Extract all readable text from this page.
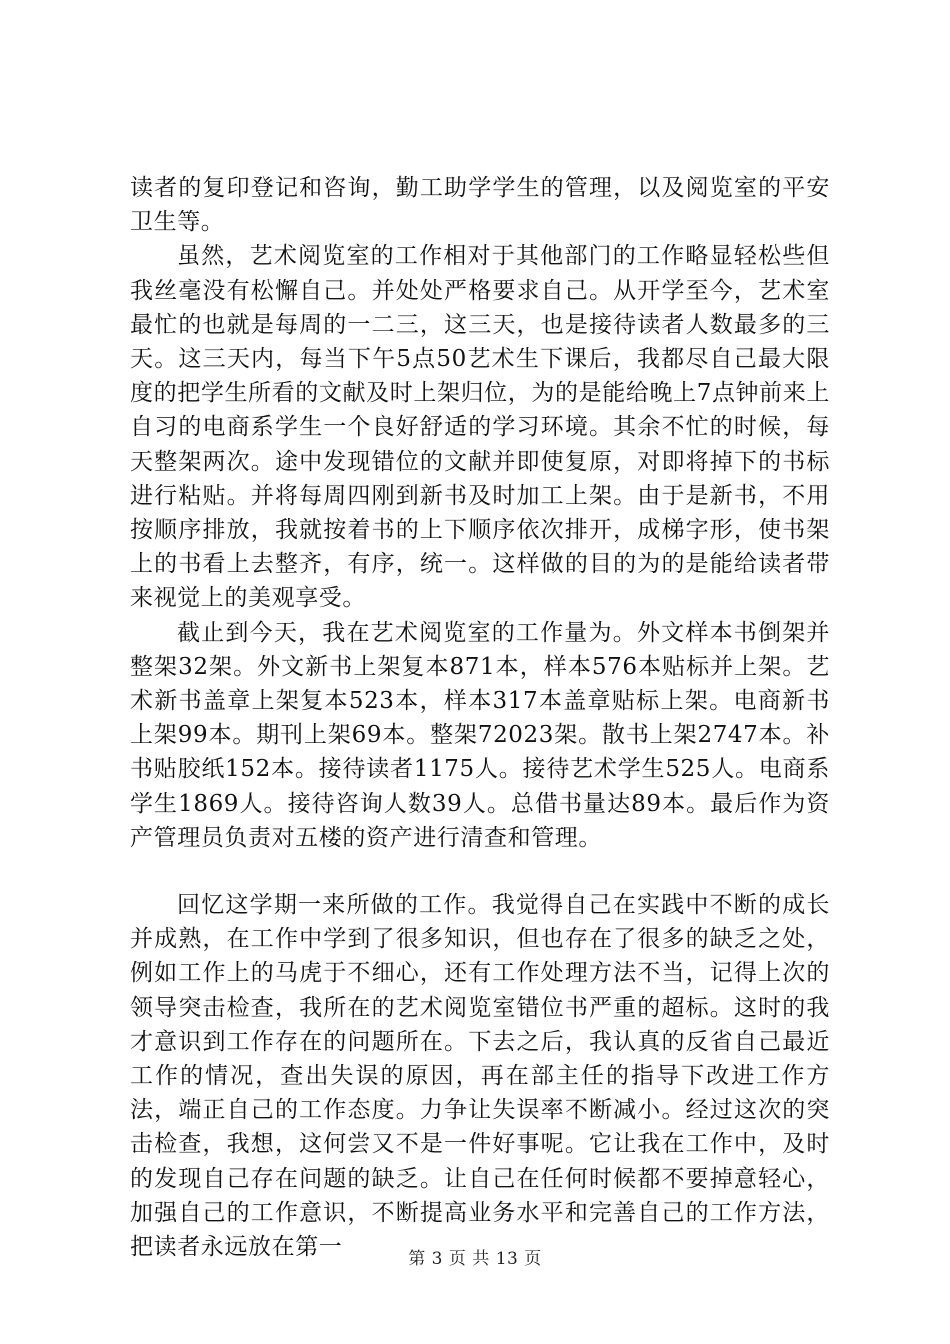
读者的复印登记和咨询，勤工助学学生的管理，以及阅览室的平安卫生等。

虽然，艺术阅览室的工作相对于其他部门的工作略显轻松些但我丝毫没有松懈自己。并处处严格要求自己。从开学至今，艺术室最忙的也就是每周的一二三，这三天，也是接待读者人数最多的三天。这三天内，每当下午5点50艺术生下课后，我都尽自己最大限度的把学生所看的文献及时上架归位，为的是能给晚上7点钟前来上自习的电商系学生一个良好舒适的学习环境。其余不忙的时候，每天整架两次。途中发现错位的文献并即使复原，对即将掉下的书标进行粘贴。并将每周四刚到新书及时加工上架。由于是新书，不用按顺序排放，我就按着书的上下顺序依次排开，成梯字形，使书架上的书看上去整齐，有序，统一。这样做的目的为的是能给读者带来视觉上的美观享受。

截止到今天，我在艺术阅览室的工作量为。外文样本书倒架并整架32架。外文新书上架复本871本，样本576本贴标并上架。艺术新书盖章上架复本523本，样本317本盖章贴标上架。电商新书上架99本。期刊上架69本。整架72023架。散书上架2747本。补书贴胶纸152本。接待读者1175人。接待艺术学生525人。电商系学生1869人。接待咨询人数39人。总借书量达89本。最后作为资产管理员负责对五楼的资产进行清查和管理。

回忆这学期一来所做的工作。我觉得自己在实践中不断的成长并成熟，在工作中学到了很多知识，但也存在了很多的缺乏之处，例如工作上的马虎于不细心，还有工作处理方法不当，记得上次的领导突击检查，我所在的艺术阅览室错位书严重的超标。这时的我才意识到工作存在的问题所在。下去之后，我认真的反省自己最近工作的情况，查出失误的原因，再在部主任的指导下改进工作方法，端正自己的工作态度。力争让失误率不断减小。经过这次的突击检查，我想，这何尝又不是一件好事呢。它让我在工作中，及时的发现自己存在问题的缺乏。让自己在任何时候都不要掉意轻心，加强自己的工作意识，不断提高业务水平和完善自己的工作方法，把读者永远放在第一	第 3 页 共 13 页
